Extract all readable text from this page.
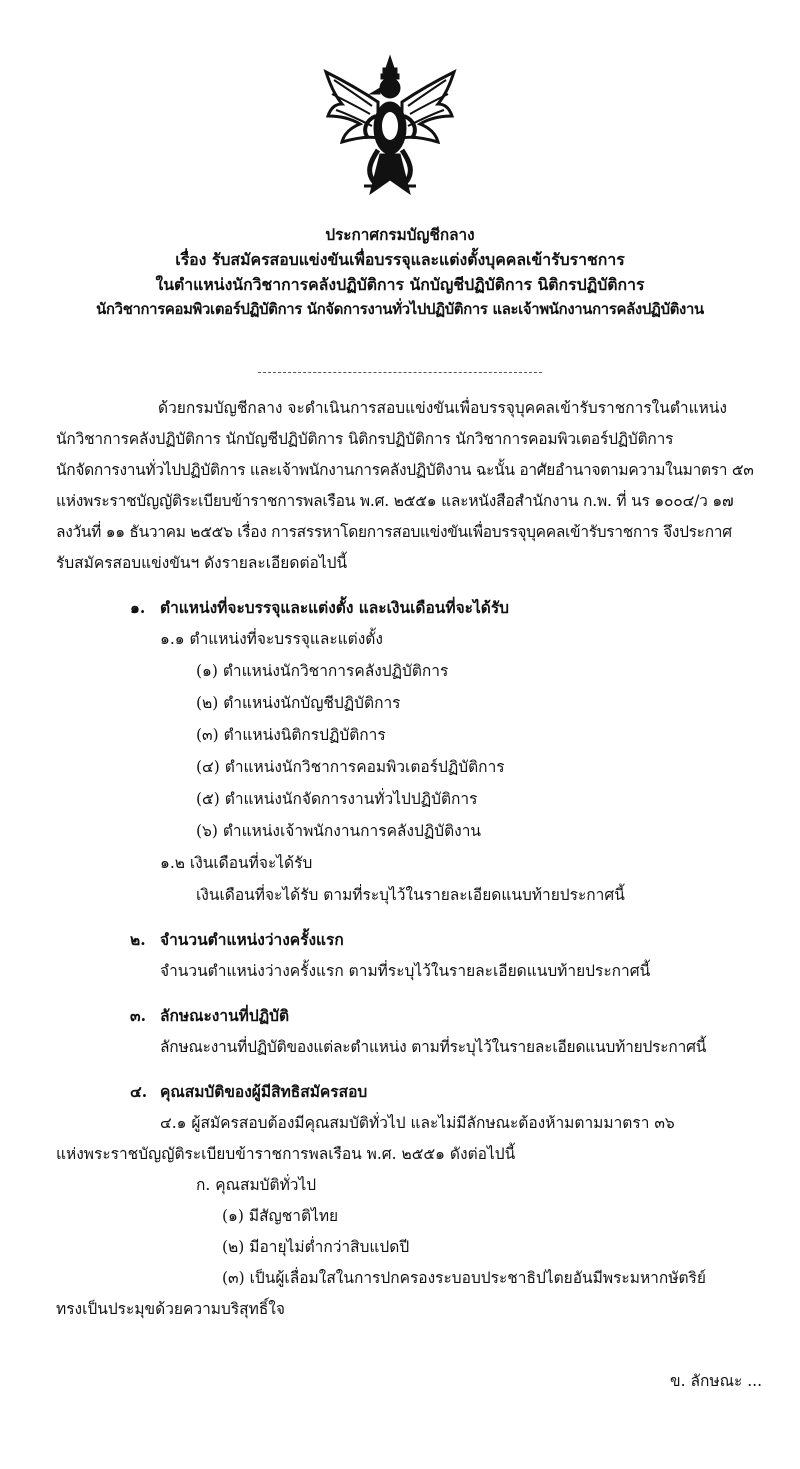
ประกาศกรมบัญชีกลาง
เรื่อง รับสมัครสอบแข่งขันเพื่อบรรจุและแต่งตั้งบุคคลเข้ารับราชการ
ในตำแหน่งนักวิชาการคลังปฏิบัติการ นักบัญชีปฏิบัติการ นิติกรปฏิบัติการ
นักวิชาการคอมพิวเตอร์ปฏิบัติการ นักจัดการงานทั่วไปปฏิบัติการ และเจ้าพนักงานการคลังปฏิบัติงาน
ด้วยกรมบัญชีกลาง จะดำเนินการสอบแข่งขันเพื่อบรรจุบุคคลเข้ารับราชการในตำแหน่ง
นักวิชาการคลังปฏิบัติการ นักบัญชีปฏิบัติการ นิติกรปฏิบัติการ นักวิชาการคอมพิวเตอร์ปฏิบัติการ
นักจัดการงานทั่วไปปฏิบัติการ และเจ้าพนักงานการคลังปฏิบัติงาน ฉะนั้น อาศัยอำนาจตามความในมาตรา ๕๓
แห่งพระราชบัญญัติระเบียบข้าราชการพลเรือน พ.ศ. ๒๕๕๑ และหนังสือสำนักงาน ก.พ. ที่ นร ๑๐๐๔/ว ๑๗
ลงวันที่ ๑๑ ธันวาคม ๒๕๕๖ เรื่อง การสรรหาโดยการสอบแข่งขันเพื่อบรรจุบุคคลเข้ารับราชการ จึงประกาศ
รับสมัครสอบแข่งขันฯ ดังรายละเอียดต่อไปนี้
๑. ตำแหน่งที่จะบรรจุและแต่งตั้ง และเงินเดือนที่จะได้รับ
๑.๑ ตำแหน่งที่จะบรรจุและแต่งตั้ง
(๑) ตำแหน่งนักวิชาการคลังปฏิบัติการ
(๒) ตำแหน่งนักบัญชีปฏิบัติการ
(๓) ตำแหน่งนิติกรปฏิบัติการ
(๔) ตำแหน่งนักวิชาการคอมพิวเตอร์ปฏิบัติการ
(๕) ตำแหน่งนักจัดการงานทั่วไปปฏิบัติการ
(๖) ตำแหน่งเจ้าพนักงานการคลังปฏิบัติงาน
๑.๒ เงินเดือนที่จะได้รับ
เงินเดือนที่จะได้รับ ตามที่ระบุไว้ในรายละเอียดแนบท้ายประกาศนี้
๒. จำนวนตำแหน่งว่างครั้งแรก
จำนวนตำแหน่งว่างครั้งแรก ตามที่ระบุไว้ในรายละเอียดแนบท้ายประกาศนี้
๓. ลักษณะงานที่ปฏิบัติ
ลักษณะงานที่ปฏิบัติของแต่ละตำแหน่ง ตามที่ระบุไว้ในรายละเอียดแนบท้ายประกาศนี้
๔. คุณสมบัติของผู้มีสิทธิสมัครสอบ
๔.๑ ผู้สมัครสอบต้องมีคุณสมบัติทั่วไป และไม่มีลักษณะต้องห้ามตามมาตรา ๓๖
แห่งพระราชบัญญัติระเบียบข้าราชการพลเรือน พ.ศ. ๒๕๕๑ ดังต่อไปนี้
ก. คุณสมบัติทั่วไป
(๑) มีสัญชาติไทย
(๒) มีอายุไม่ต่ำกว่าสิบแปดปี
(๓) เป็นผู้เลื่อมใสในการปกครองระบอบประชาธิปไตยอันมีพระมหากษัตริย์
ทรงเป็นประมุขด้วยความบริสุทธิ์ใจ
ข. ลักษณะ ...
